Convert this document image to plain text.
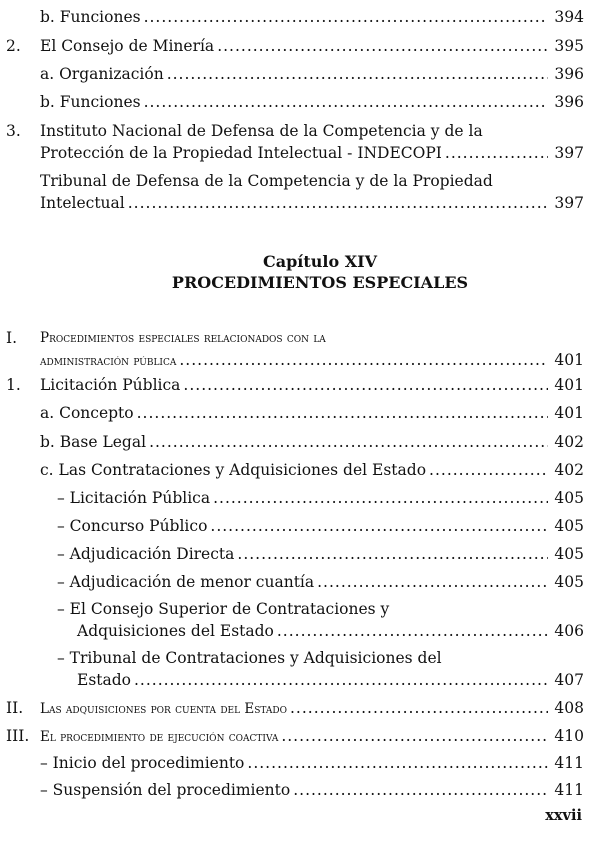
b. Funciones .....	394
2. El Consejo de Minería .....	395
a. Organización .....	396
b. Funciones .....	396
3. Instituto Nacional de Defensa de la Competencia y de la
Protección de la Propiedad Intelectual - INDECOPI .....	397
Tribunal de Defensa de la Competencia y de la Propiedad
Intelectual .....	397
Capítulo XIV
PROCEDIMIENTOS ESPECIALES
I. Procedimientos especiales relacionados con la
administración pública .....	401
1. Licitación Pública .....	401
a. Concepto .....	401
b. Base Legal .....	402
c. Las Contrataciones y Adquisiciones del Estado .....	402
– Licitación Pública .....	405
– Concurso Público .....	405
– Adjudicación Directa .....	405
– Adjudicación de menor cuantía .....	405
– El Consejo Superior de Contrataciones y
Adquisiciones del Estado .....	406
– Tribunal de Contrataciones y Adquisiciones del
Estado .....	407
II. Las adquisiciones por cuenta del Estado .....	408
III. El procedimiento de ejecución coactiva .....	410
– Inicio del procedimiento .....	411
– Suspensión del procedimiento .....	411
xxvii
